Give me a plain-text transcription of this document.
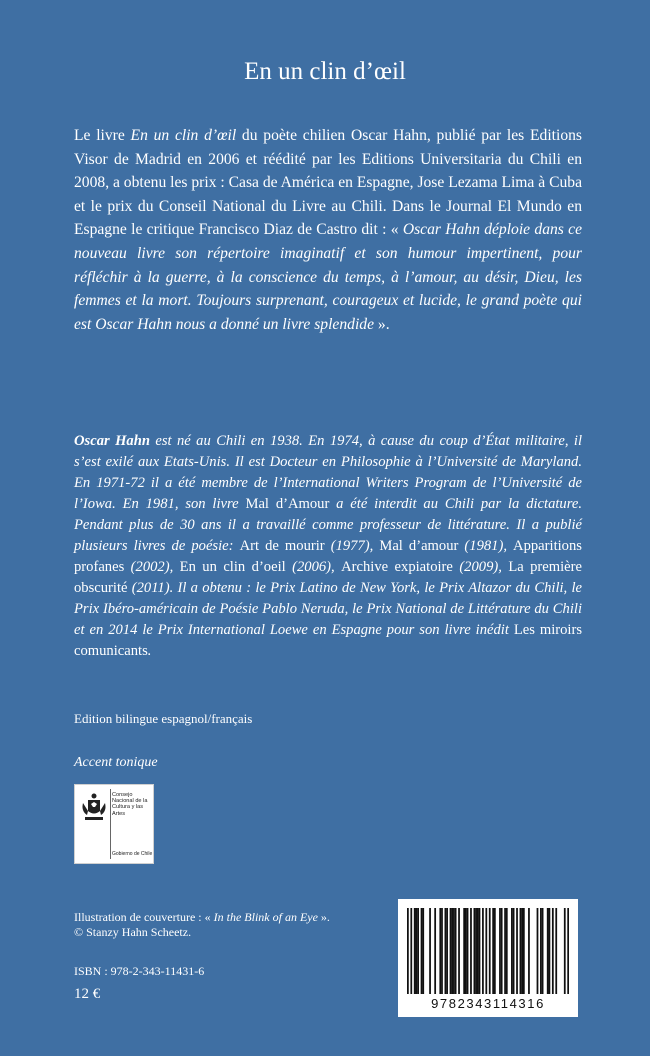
En un clin d’œil

Le livre En un clin d’œil du poète chilien Oscar Hahn, publié par les Editions Visor de Madrid en 2006 et réédité par les Editions Universitaria du Chili en 2008, a obtenu les prix : Casa de América en Espagne, Jose Lezama Lima à Cuba et le prix du Conseil National du Livre au Chili. Dans le Journal El Mundo en Espagne le critique Francisco Diaz de Castro dit : « Oscar Hahn déploie dans ce nouveau livre son répertoire imaginatif et son humour impertinent, pour réfléchir à la guerre, à la conscience du temps, à l’amour, au désir, Dieu, les femmes et la mort. Toujours surprenant, courageux et lucide, le grand poète qui est Oscar Hahn nous a donné un livre splendide ».

Oscar Hahn est né au Chili en 1938. En 1974, à cause du coup d’État militaire, il s’est exilé aux Etats-Unis. Il est Docteur en Philosophie à l’Université de Maryland. En 1971-72 il a été membre de l’International Writers Program de l’Université de l’Iowa. En 1981, son livre Mal d’Amour a été interdit au Chili par la dictature. Pendant plus de 30 ans il a travaillé comme professeur de littérature. Il a publié plusieurs livres de poésie: Art de mourir (1977), Mal d’amour (1981), Apparitions profanes (2002), En un clin d’oeil (2006), Archive expiatoire (2009), La première obscurité (2011). Il a obtenu : le Prix Latino de New York, le Prix Altazor du Chili, le Prix Ibéro-américain de Poésie Pablo Neruda, le Prix National de Littérature du Chili et en 2014 le Prix International Loewe en Espagne pour son livre inédit Les miroirs comunicants.

Edition bilingue espagnol/français

Accent tonique

Consejo Nacional de la Cultura y las Artes
Gobierno de Chile

Illustration de couverture : « In the Blink of an Eye ».
© Stanzy Hahn Scheetz.

ISBN : 978-2-343-11431-6

12 €

9782343114316
